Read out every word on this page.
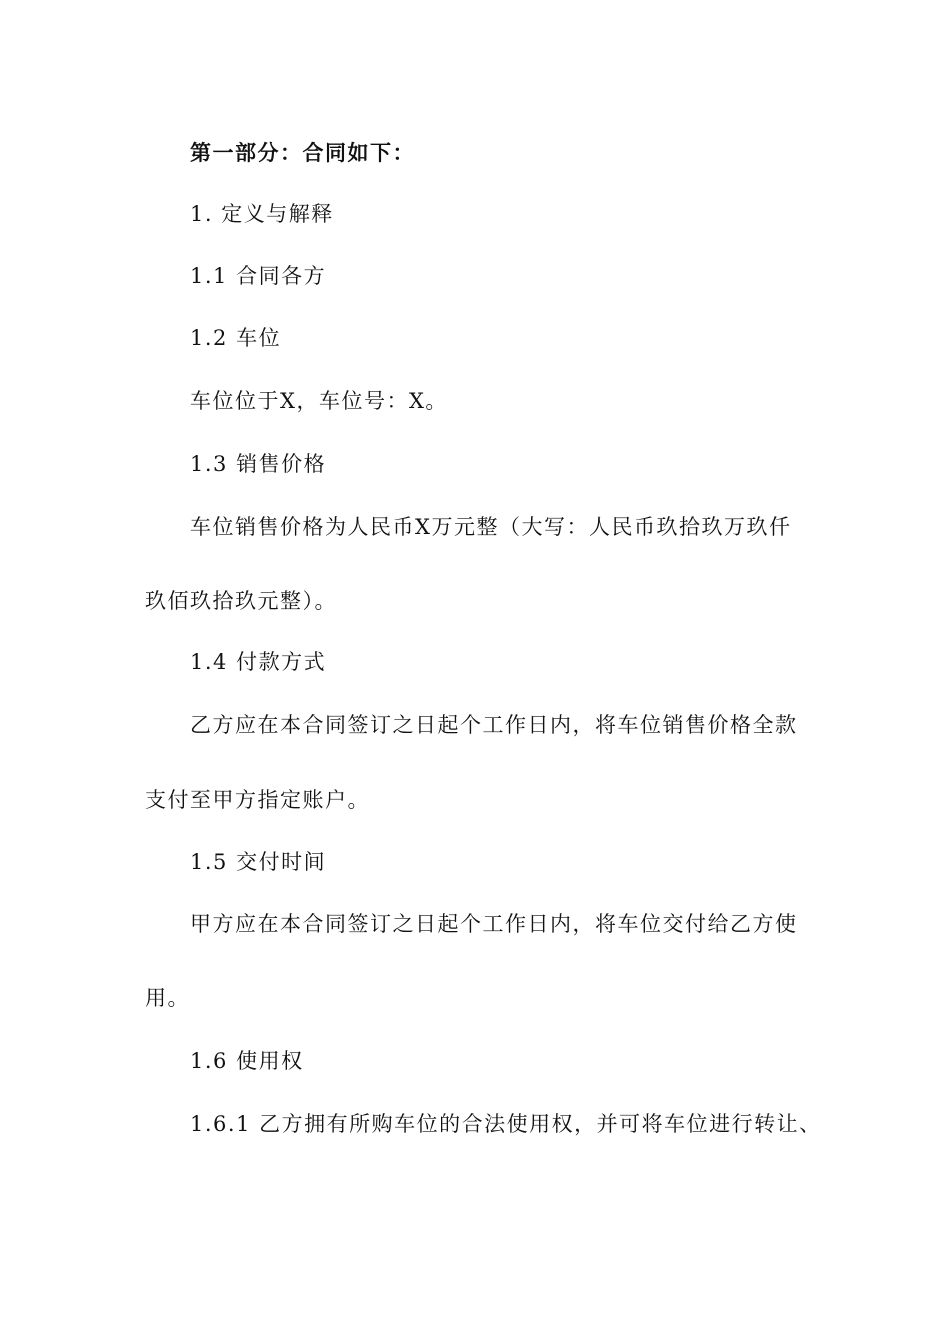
第一部分：合同如下：
1. 定义与解释
1.1 合同各方
1.2 车位
车位位于X，车位号：X。
1.3 销售价格
车位销售价格为人民币X万元整（大写：人民币玖拾玖万玖仟
玖佰玖拾玖元整）。
1.4 付款方式
乙方应在本合同签订之日起个工作日内，将车位销售价格全款
支付至甲方指定账户。
1.5 交付时间
甲方应在本合同签订之日起个工作日内，将车位交付给乙方使
用。
1.6 使用权
1.6.1 乙方拥有所购车位的合法使用权，并可将车位进行转让、
